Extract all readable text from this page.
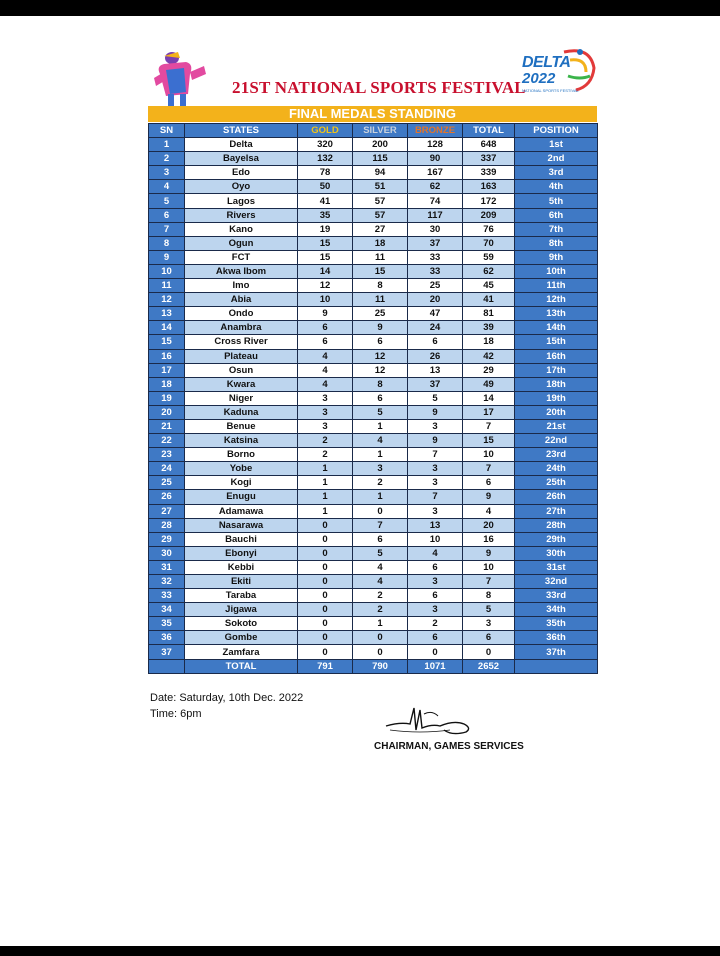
21ST NATIONAL SPORTS FESTIVAL
DELTA
2022
NATIONAL SPORTS FESTIVAL
FINAL MEDALS STANDING
SN	STATES	GOLD	SILVER	BRONZE	TOTAL	POSITION
1	Delta	320	200	128	648	1st
2	Bayelsa	132	115	90	337	2nd
3	Edo	78	94	167	339	3rd
4	Oyo	50	51	62	163	4th
5	Lagos	41	57	74	172	5th
6	Rivers	35	57	117	209	6th
7	Kano	19	27	30	76	7th
8	Ogun	15	18	37	70	8th
9	FCT	15	11	33	59	9th
10	Akwa Ibom	14	15	33	62	10th
11	Imo	12	8	25	45	11th
12	Abia	10	11	20	41	12th
13	Ondo	9	25	47	81	13th
14	Anambra	6	9	24	39	14th
15	Cross River	6	6	6	18	15th
16	Plateau	4	12	26	42	16th
17	Osun	4	12	13	29	17th
18	Kwara	4	8	37	49	18th
19	Niger	3	6	5	14	19th
20	Kaduna	3	5	9	17	20th
21	Benue	3	1	3	7	21st
22	Katsina	2	4	9	15	22nd
23	Borno	2	1	7	10	23rd
24	Yobe	1	3	3	7	24th
25	Kogi	1	2	3	6	25th
26	Enugu	1	1	7	9	26th
27	Adamawa	1	0	3	4	27th
28	Nasarawa	0	7	13	20	28th
29	Bauchi	0	6	10	16	29th
30	Ebonyi	0	5	4	9	30th
31	Kebbi	0	4	6	10	31st
32	Ekiti	0	4	3	7	32nd
33	Taraba	0	2	6	8	33rd
34	Jigawa	0	2	3	5	34th
35	Sokoto	0	1	2	3	35th
36	Gombe	0	0	6	6	36th
37	Zamfara	0	0	0	0	37th
	TOTAL	791	790	1071	2652	
Date: Saturday, 10th Dec. 2022
Time: 6pm
CHAIRMAN, GAMES SERVICES
